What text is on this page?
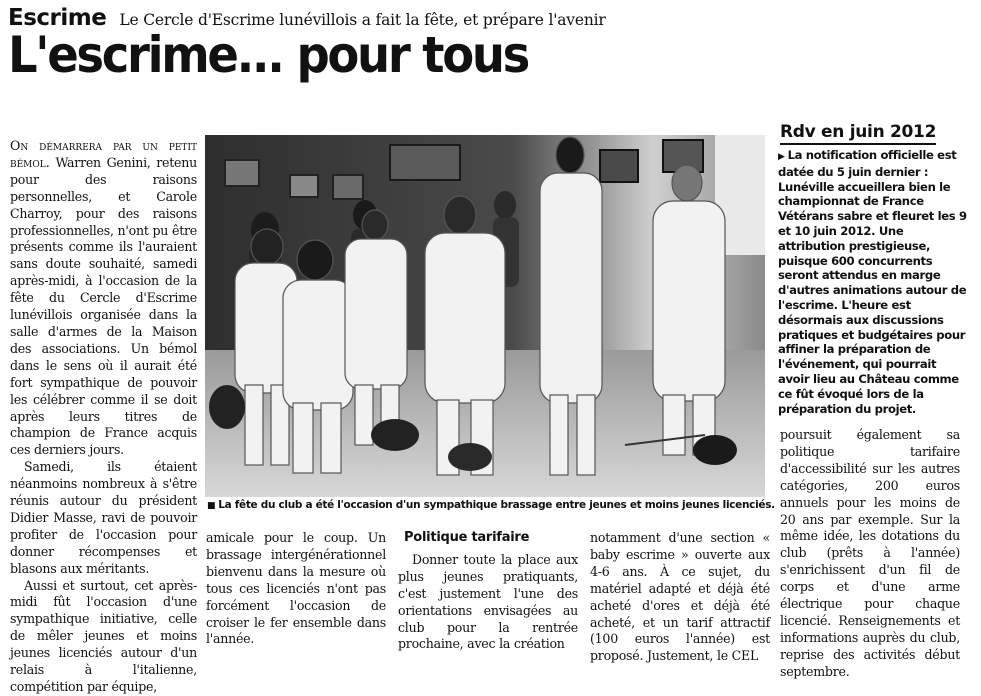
Escrime Le Cercle d'Escrime lunévillois a fait la fête, et prépare l'avenir
L'escrime... pour tous

On démarrera par un petit bémol. Warren Genini, retenu pour des raisons personnelles, et Carole Charroy, pour des raisons professionnelles, n'ont pu être présents comme ils l'auraient sans doute souhaité, samedi après-midi, à l'occasion de la fête du Cercle d'Escrime lunévillois organisée dans la salle d'armes de la Maison des associations. Un bémol dans le sens où il aurait été fort sympathique de pouvoir les célébrer comme il se doit après leurs titres de champion de France acquis ces derniers jours.

Samedi, ils étaient néanmoins nombreux à s'être réunis autour du président Didier Masse, ravi de pouvoir profiter de l'occasion pour donner récompenses et blasons aux méritants.

Aussi et surtout, cet après-midi fût l'occasion d'une sympathique initiative, celle de mêler jeunes et moins jeunes licenciés autour d'un relais à l'italienne, compétition par équipe,

■ La fête du club a été l'occasion d'un sympathique brassage entre jeunes et moins jeunes licenciés.

amicale pour le coup. Un brassage intergénérationnel bienvenu dans la mesure où tous ces licenciés n'ont pas forcément l'occasion de croiser le fer ensemble dans l'année.

Politique tarifaire

Donner toute la place aux plus jeunes pratiquants, c'est justement l'une des orientations envisagées au club pour la rentrée prochaine, avec la création

notamment d'une section « baby escrime » ouverte aux 4-6 ans. À ce sujet, du matériel adapté et déjà été acheté d'ores et déjà été acheté, et un tarif attractif (100 euros l'année) est proposé. Justement, le CEL

Rdv en juin 2012
▶ La notification officielle est datée du 5 juin dernier : Lunéville accueillera bien le championnat de France Vétérans sabre et fleuret les 9 et 10 juin 2012. Une attribution prestigieuse, puisque 600 concurrents seront attendus en marge d'autres animations autour de l'escrime. L'heure est désormais aux discussions pratiques et budgétaires pour affiner la préparation de l'événement, qui pourrait avoir lieu au Château comme ce fût évoqué lors de la préparation du projet.

poursuit également sa politique tarifaire d'accessibilité sur les autres catégories, 200 euros annuels pour les moins de 20 ans par exemple. Sur la même idée, les dotations du club (prêts à l'année) s'enrichissent d'un fil de corps et d'une arme électrique pour chaque licencié. Renseignements et informations auprès du club, reprise des activités début septembre.
